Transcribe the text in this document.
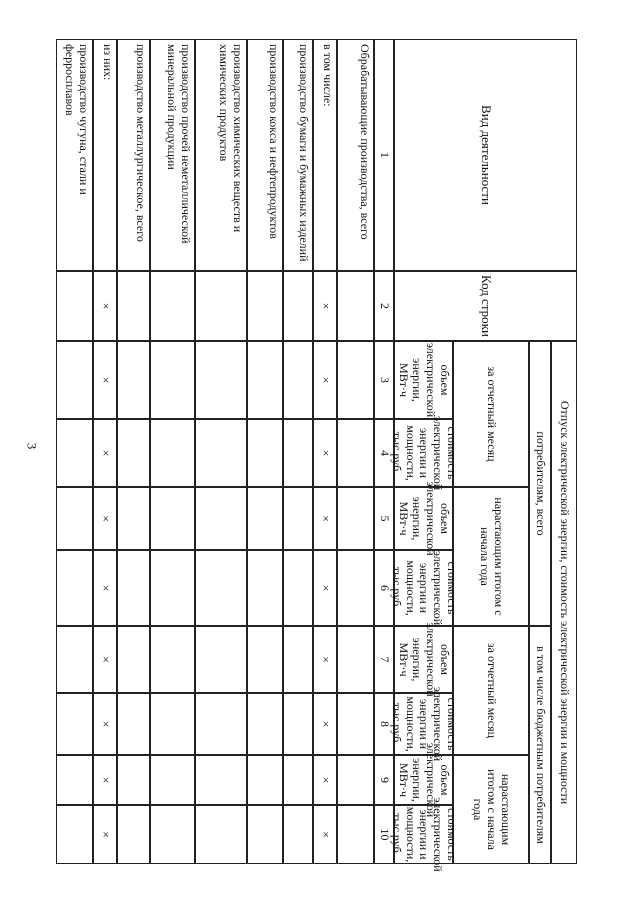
3
Вид деятельности
Код строки
Отпуск электрической энергии, стоимость электрической энергии и мощности
потребителям, всего
в том числе бюджетным потребителям
за отчетный месяц
нарастающим итогом с начала года
за отчетный месяц
нарастающим итогом с начала года
объем электрической энергии, МВт·ч
стоимость электрической энергии и мощности, тыс.руб.
объем электрической энергии, МВт·ч
стоимость электрической энергии и мощности, тыс.руб.
объем электрической энергии, МВт·ч
стоимость электрической энергии и мощности, тыс.руб.
объем электрической энергии, МВт·ч
стоимость электрической энергии и мощности, тыс.руб.
1
2
3
4
5
6
7
8
9
10
Обрабатывающие производства, всего
в том числе:
×
×
×
×
×
×
×
×
×
производство бумаги и бумажных изделий
производство кокса и нефтепродуктов
производство химических веществ и химических продуктов
производство прочей неметаллической минеральной продукции
производство металлургическое, всего
из них:
×
×
×
×
×
×
×
×
×
производство чугуна, стали и ферросплавов
